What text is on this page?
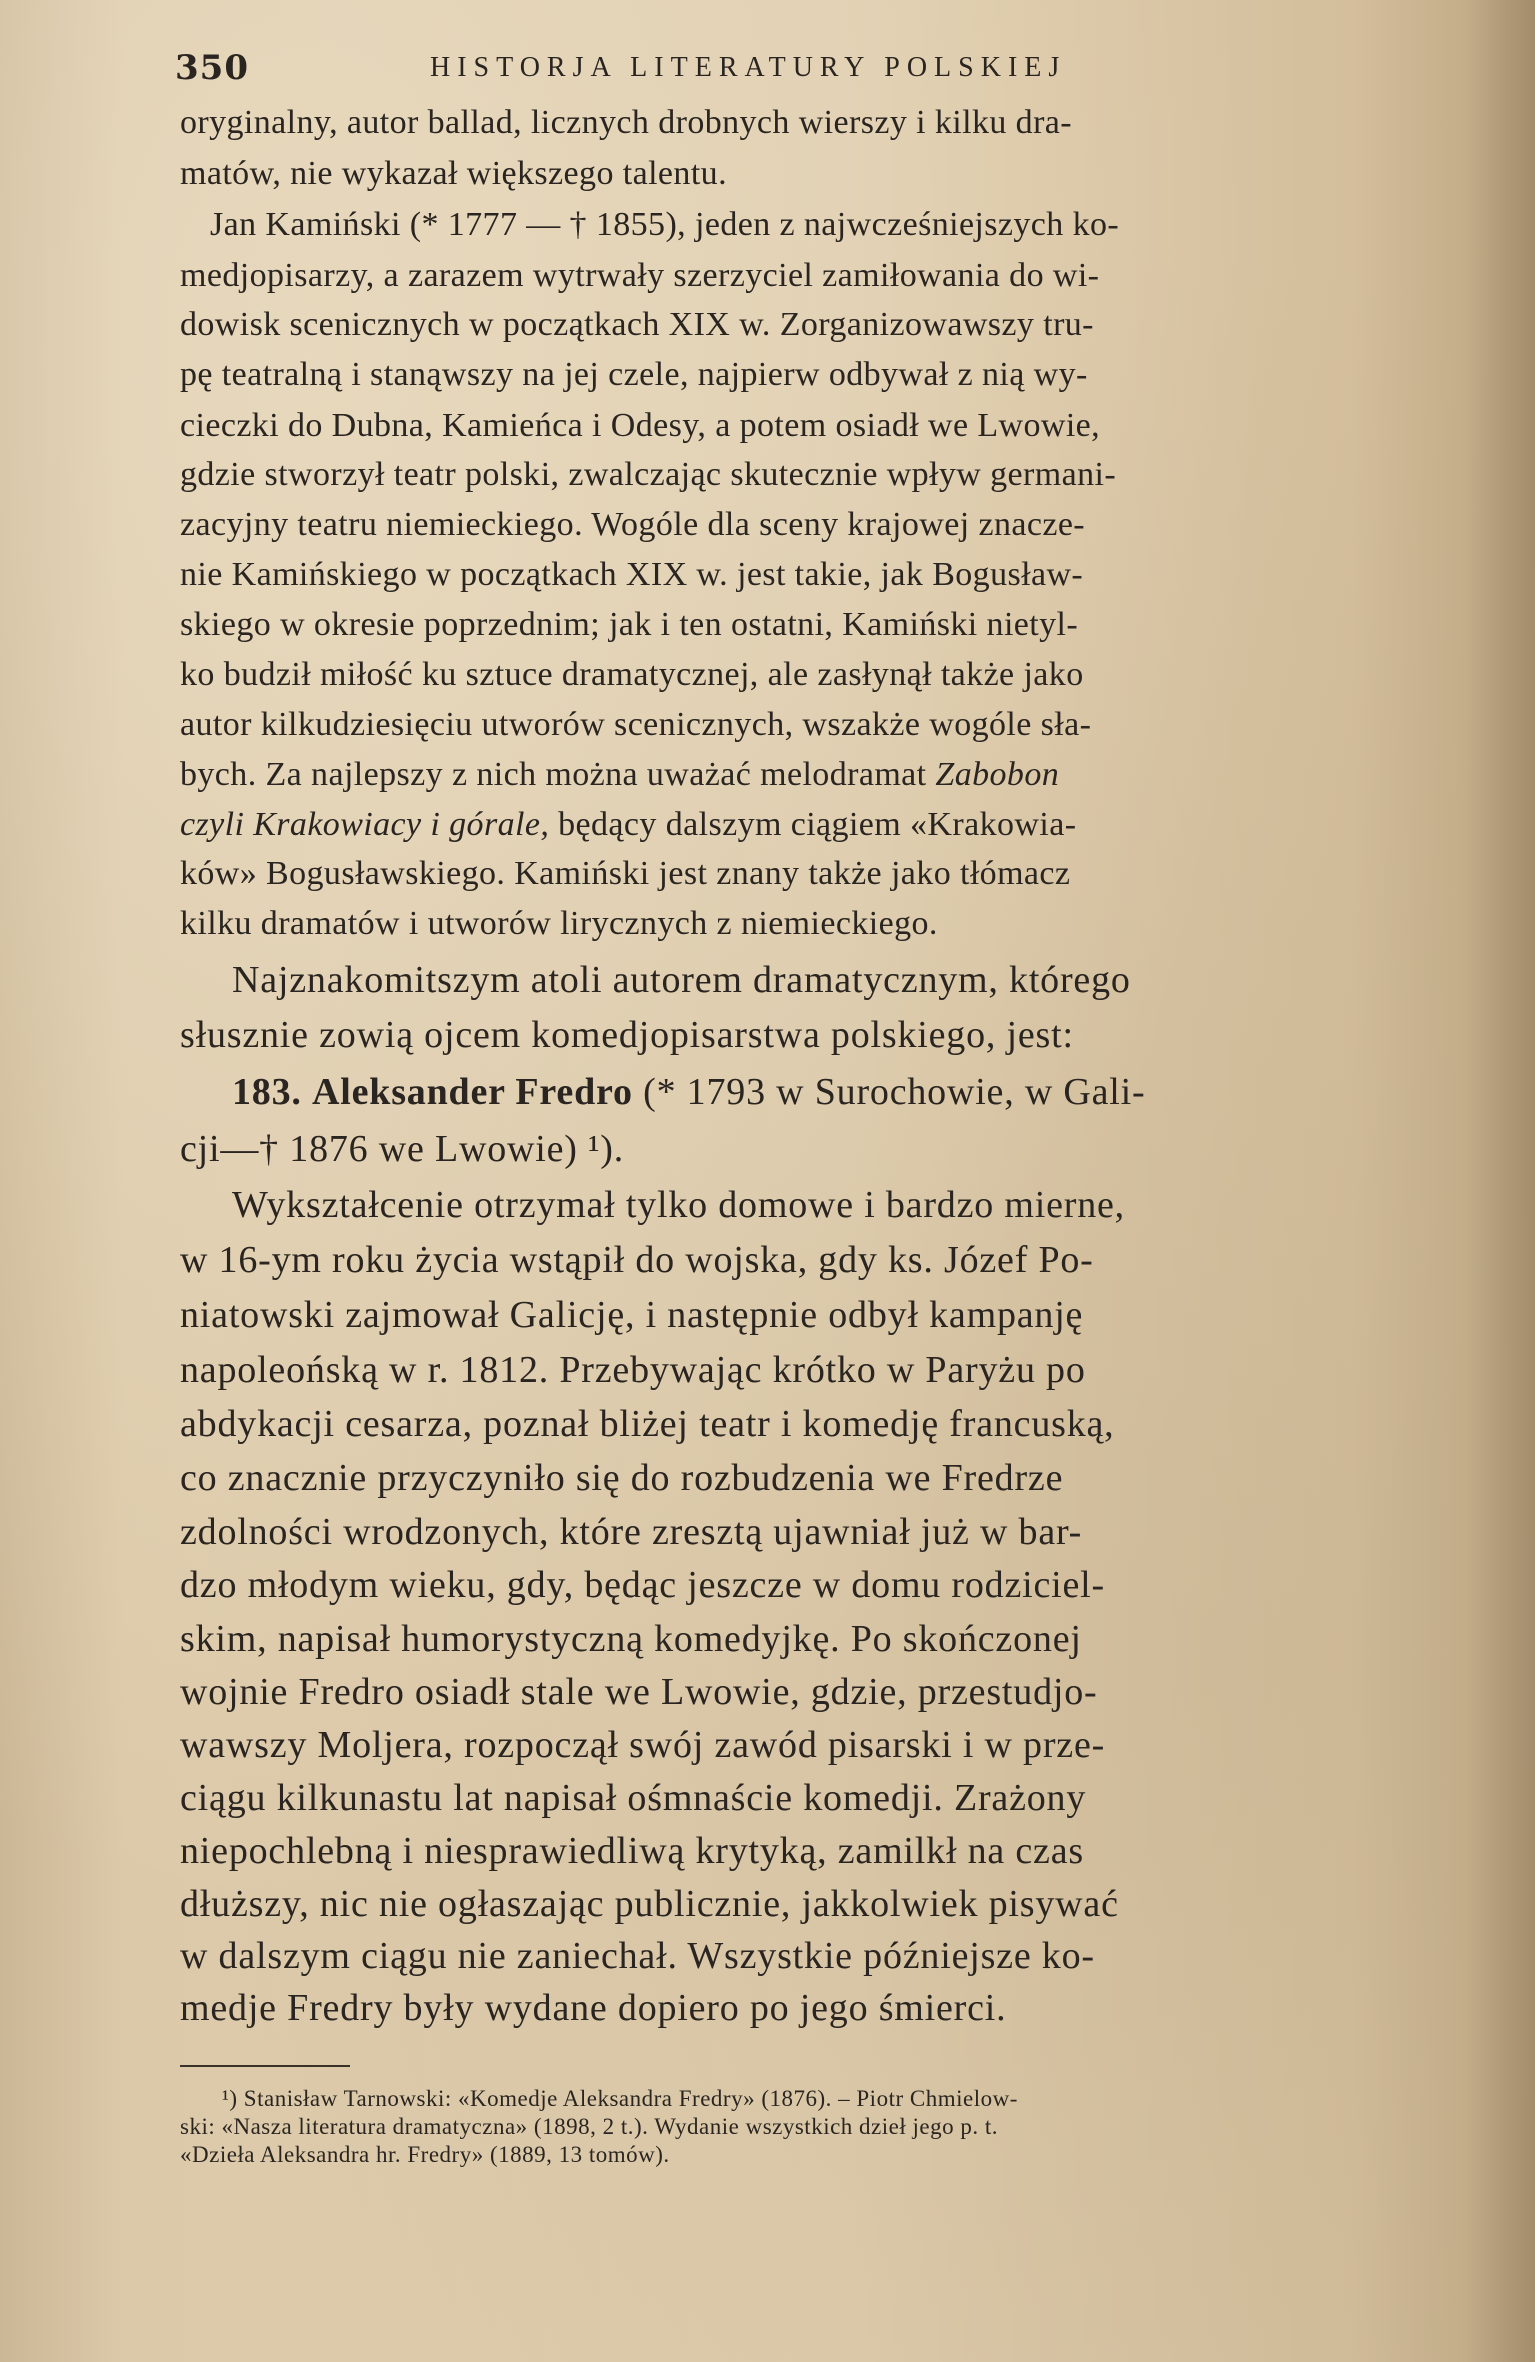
350	HISTORJA LITERATURY POLSKIEJ
oryginalny, autor ballad, licznych drobnych wierszy i kilku dra-
matów, nie wykazał większego talentu.
Jan Kamiński (* 1777 — † 1855), jeden z najwcześniejszych ko-
medjopisarzy, a zarazem wytrwały szerzyciel zamiłowania do wi-
dowisk scenicznych w początkach XIX w. Zorganizowawszy tru-
pę teatralną i stanąwszy na jej czele, najpierw odbywał z nią wy-
cieczki do Dubna, Kamieńca i Odesy, a potem osiadł we Lwowie,
gdzie stworzył teatr polski, zwalczając skutecznie wpływ germani-
zacyjny teatru niemieckiego. Wogóle dla sceny krajowej znacze-
nie Kamińskiego w początkach XIX w. jest takie, jak Bogusław-
skiego w okresie poprzednim; jak i ten ostatni, Kamiński nietyl-
ko budził miłość ku sztuce dramatycznej, ale zasłynął także jako
autor kilkudziesięciu utworów scenicznych, wszakże wogóle sła-
bych. Za najlepszy z nich można uważać melodramat Zabobon
czyli Krakowiacy i górale, będący dalszym ciągiem «Krakowia-
ków» Bogusławskiego. Kamiński jest znany także jako tłómacz
kilku dramatów i utworów lirycznych z niemieckiego.
Najznakomitszym atoli autorem dramatycznym, którego
słusznie zowią ojcem komedjopisarstwa polskiego, jest:
183. Aleksander Fredro (* 1793 w Surochowie, w Gali-
cji—† 1876 we Lwowie) ¹).
Wykształcenie otrzymał tylko domowe i bardzo mierne,
w 16-ym roku życia wstąpił do wojska, gdy ks. Józef Po-
niatowski zajmował Galicję, i następnie odbył kampanję
napoleońską w r. 1812. Przebywając krótko w Paryżu po
abdykacji cesarza, poznał bliżej teatr i komedję francuską,
co znacznie przyczyniło się do rozbudzenia we Fredrze
zdolności wrodzonych, które zresztą ujawniał już w bar-
dzo młodym wieku, gdy, będąc jeszcze w domu rodziciel-
skim, napisał humorystyczną komedyjkę. Po skończonej
wojnie Fredro osiadł stale we Lwowie, gdzie, przestudjo-
wawszy Moljera, rozpoczął swój zawód pisarski i w prze-
ciągu kilkunastu lat napisał ośmnaście komedji. Zrażony
niepochlebną i niesprawiedliwą krytyką, zamilkł na czas
dłuższy, nic nie ogłaszając publicznie, jakkolwiek pisywać
w dalszym ciągu nie zaniechał. Wszystkie późniejsze ko-
medje Fredry były wydane dopiero po jego śmierci.
¹) Stanisław Tarnowski: «Komedje Aleksandra Fredry» (1876). – Piotr Chmielow-
ski: «Nasza literatura dramatyczna» (1898, 2 t.). Wydanie wszystkich dzieł jego p. t.
«Dzieła Aleksandra hr. Fredry» (1889, 13 tomów).
